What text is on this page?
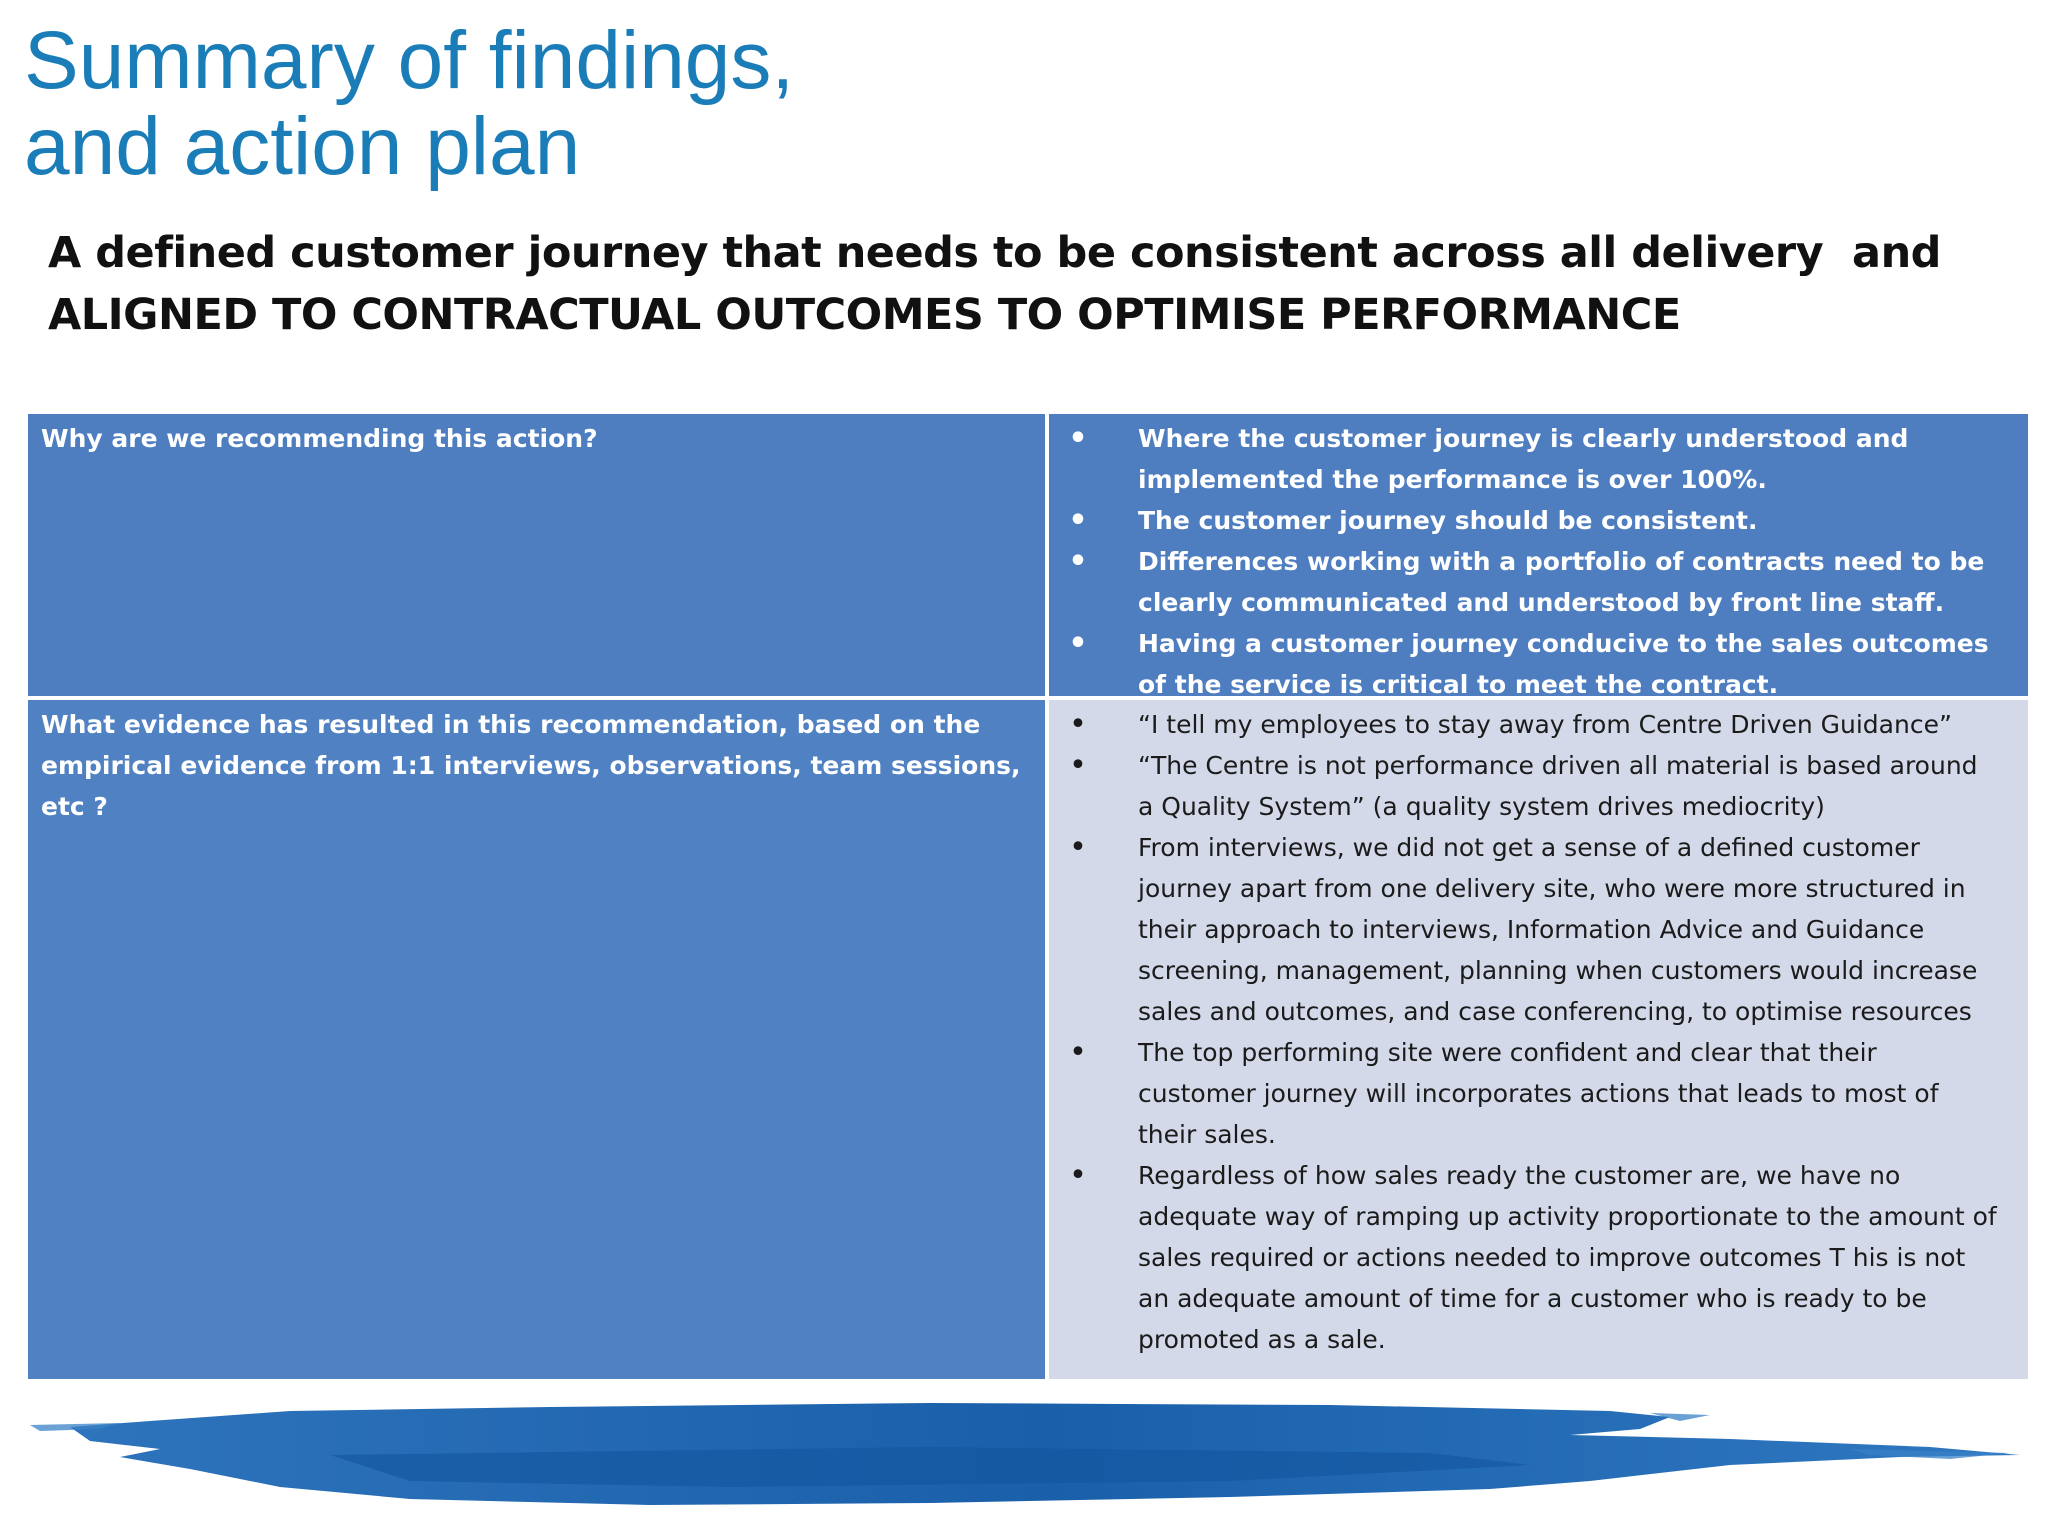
Summary of findings,
and action plan
A defined customer journey that needs to be consistent across all delivery  and
ALIGNED TO CONTRACTUAL OUTCOMES TO OPTIMISE PERFORMANCE
Why are we recommending this action?	• Where the customer journey is clearly understood and implemented the performance is over 100%.
• The customer journey should be consistent.
• Differences working with a portfolio of contracts need to be clearly communicated and understood by front line staff.
• Having a customer journey conducive to the sales outcomes of the service is critical to meet the contract.
What evidence has resulted in this recommendation, based on the empirical evidence from 1:1 interviews, observations, team sessions, etc ?
• “I tell my employees to stay away from Centre Driven Guidance”
• “The Centre is not performance driven all material is based around a Quality System” (a quality system drives mediocrity)
• From interviews, we did not get a sense of a defined customer journey apart from one delivery site, who were more structured in their approach to interviews, Information Advice and Guidance screening, management, planning when customers would increase sales and outcomes, and case conferencing, to optimise resources
• The top performing site were confident and clear that their customer journey will incorporates actions that leads to most of their sales.
• Regardless of how sales ready the customer are, we have no adequate way of ramping up activity proportionate to the amount of sales required or actions needed to improve outcomes T his is not an adequate amount of time for a customer who is ready to be promoted as a sale.
